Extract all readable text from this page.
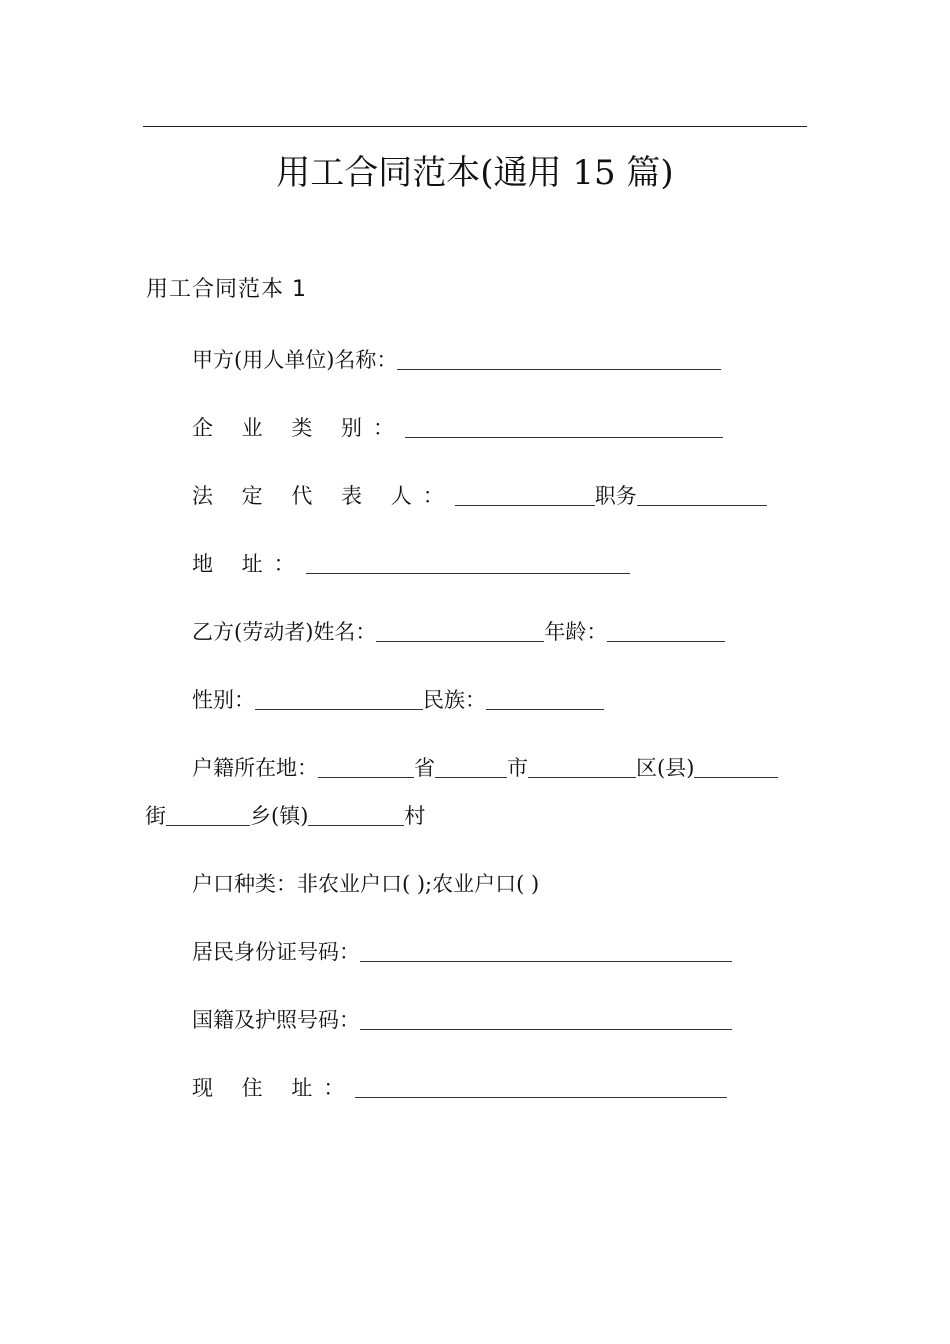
用工合同范本(通用 15 篇)
用工合同范本 1
甲方(用人单位)名称：
企 业 类 别：
法 定 代 表 人：	职务
地 址：
乙方(劳动者)姓名：	年龄：
性别：	民族：
户籍所在地：	省	市	区(县)
街	乡(镇)	村
户口种类：非农业户口( );农业户口( )
居民身份证号码：
国籍及护照号码：
现 住 址：
